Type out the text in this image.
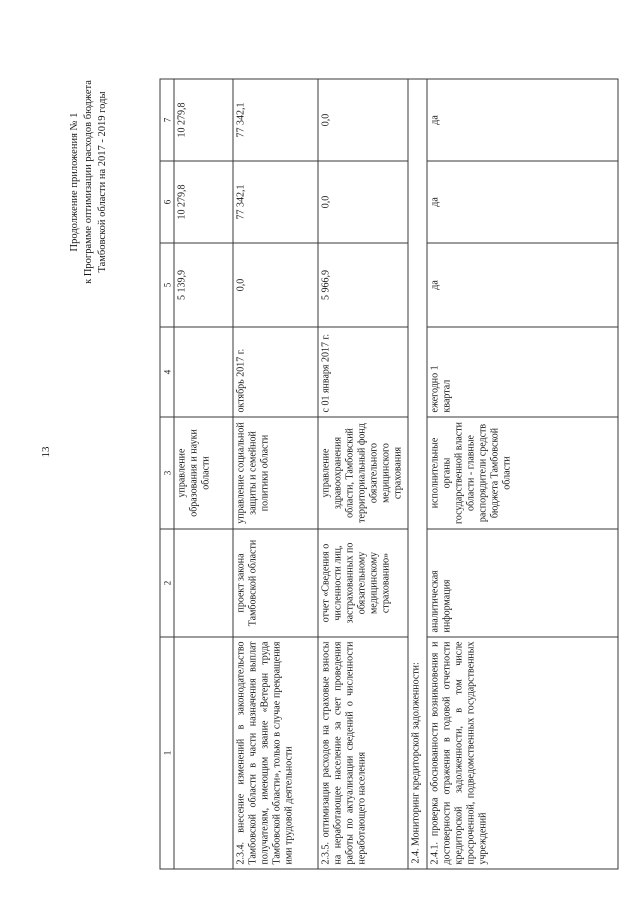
13
Продолжение приложения № 1 к Программе оптимизации расходов бюджета Тамбовской области на 2017 - 2019 годы
1	2	3	4	5	6	7
		управление образования и науки области		5 139,9	10 279,8	10 279,8
2.3.4. внесение изменений в законодательство Тамбовской области в части назначения выплат получателям, имеющим звание «Ветеран труда Тамбовской области», только в случае прекращения ими трудовой деятельности	проект закона Тамбовской области	управление социальной защиты и семейной политики области	октябрь 2017 г.	0,0	77 342,1	77 342,1
2.3.5. оптимизация расходов на страховые взносы на неработающее население за счет проведения работы по актуализации сведений о численности неработающего населения	отчет «Сведения о численности лиц, застрахованных по обязательному медицинскому страхованию»	управление здравоохранения области, Тамбовский территориальный фонд обязательного медицинского страхования	с 01 января 2017 г.	5 966,9	0,0	0,0
2.4. Мониторинг кредиторской задолженности:						
2.4.1. проверка обоснованности возникновения и достоверности отражения в годовой отчетности кредиторской задолженности, в том числе просроченной, подведомственных государственных учреждений	аналитическая информация	исполнительные органы государственной власти области - главные распорядители средств бюджета Тамбовской области	ежегодно 1 квартал	да	да	да
